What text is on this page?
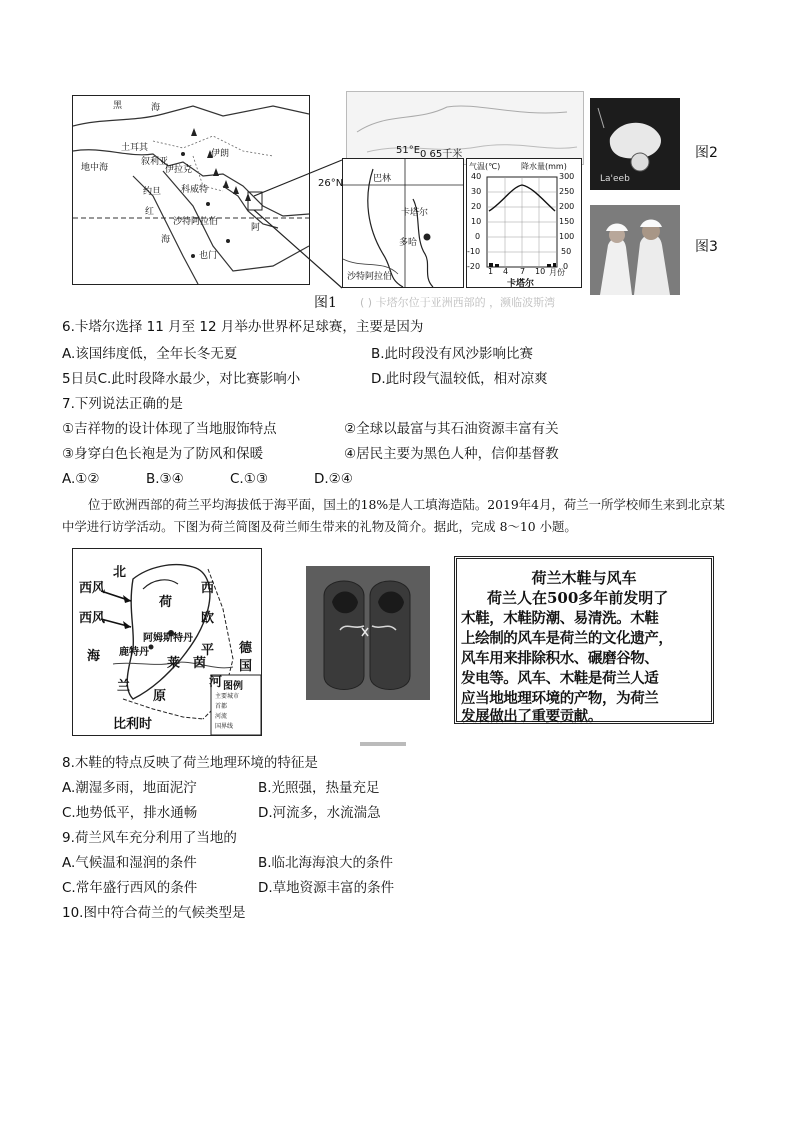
黑	海
土耳其
地中海
叙利亚
伊拉克
伊朗
科威特
红
沙特阿拉伯
海
阿
也门
约旦
巴林
卡塔尔
多哈
沙特阿拉伯
51°E 0 65千米
26°N
气温(℃)	降水量(mm)
40
30
20
10
0
-10
-20
300
250
200
150
100
50
0
1 4 7 10 月份
卡塔尔
La'eeb
图2
图3
( ) 卡塔尔位于亚洲西部的 ，濒临波斯湾
图1
6.卡塔尔选择 11 月至 12 月举办世界杯足球赛，主要是因为
A.该国纬度低，全年长冬无夏	B.此时段没有风沙影响比赛
5日员C.此时段降水最少，对比赛影响小	D.此时段气温较低，相对凉爽
7.下列说法正确的是
①吉祥物的设计体现了当地服饰特点	②全球以最富与其石油资源丰富有关
③身穿白色长袍是为了防风和保暖	④居民主要为黑色人种，信仰基督教
A.①②	B.③④	C.①③	D.②④
位于欧洲西部的荷兰平均海拔低于海平面，国土的18%是人工填海造陆。2019年4月，荷兰一所学校师生来到北京某中学进行访学活动。下图为荷兰简图及荷兰师生带来的礼物及简介。据此，完成 8～10 小题。
北
西风
西风
海
荷
西
欧
平
原
兰
阿姆斯特丹
鹿特丹
莱 茵
河
德
国
比利时
图例
主要城市
首都
河流
国界线
荷兰木鞋与风车
荷兰人在500多年前发明了
木鞋，木鞋防潮、易清洗。木鞋
上绘制的风车是荷兰的文化遗产，
风车用来排除积水、碾磨谷物、
发电等。风车、木鞋是荷兰人适
应当地地理环境的产物，为荷兰
发展做出了重要贡献。
8.木鞋的特点反映了荷兰地理环境的特征是
A.潮湿多雨，地面泥泞	B.光照强，热量充足
C.地势低平，排水通畅	D.河流多，水流湍急
9.荷兰风车充分利用了当地的
A.气候温和湿润的条件	B.临北海海浪大的条件
C.常年盛行西风的条件	D.草地资源丰富的条件
10.图中符合荷兰的气候类型是
